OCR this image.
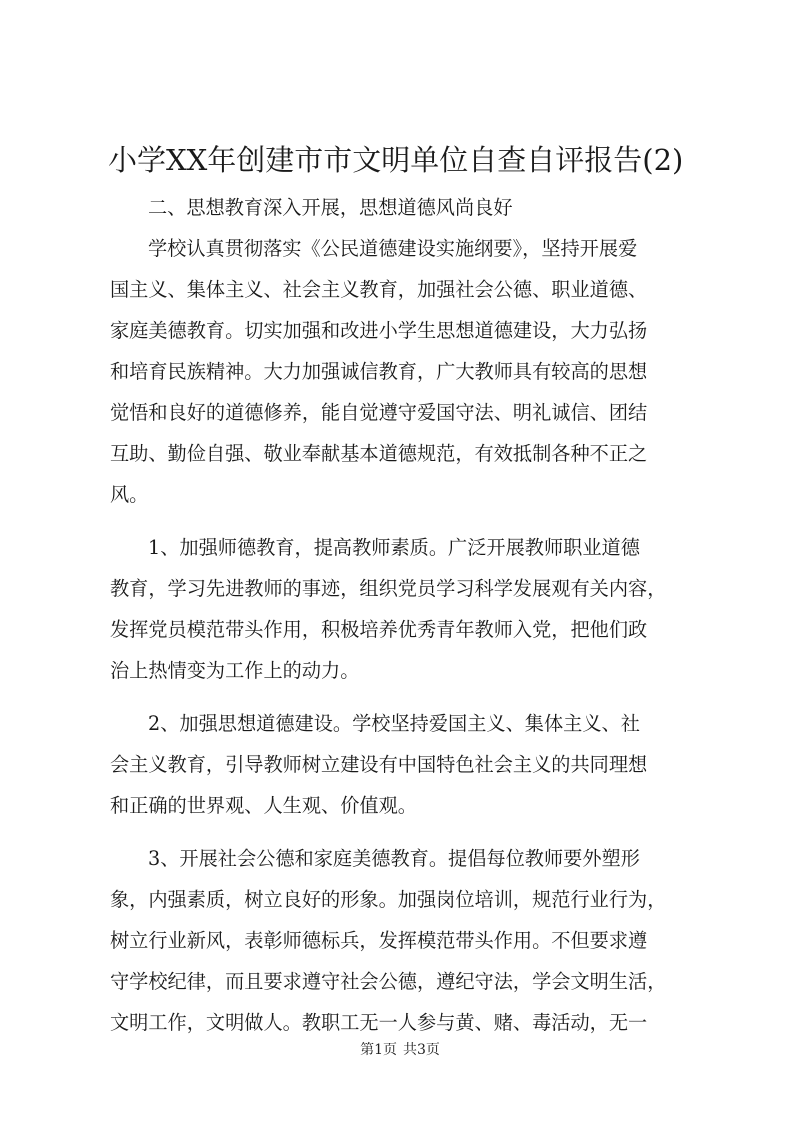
小学XX年创建市市文明单位自查自评报告(2)
二、思想教育深入开展，思想道德风尚良好
学校认真贯彻落实《公民道德建设实施纲要》，坚持开展爱
国主义、集体主义、社会主义教育，加强社会公德、职业道德、
家庭美德教育。切实加强和改进小学生思想道德建设，大力弘扬
和培育民族精神。大力加强诚信教育，广大教师具有较高的思想
觉悟和良好的道德修养，能自觉遵守爱国守法、明礼诚信、团结
互助、勤俭自强、敬业奉献基本道德规范，有效抵制各种不正之
风。
1、加强师德教育，提高教师素质。广泛开展教师职业道德
教育，学习先进教师的事迹，组织党员学习科学发展观有关内容，
发挥党员模范带头作用，积极培养优秀青年教师入党，把他们政
治上热情变为工作上的动力。
2、加强思想道德建设。学校坚持爱国主义、集体主义、社
会主义教育，引导教师树立建设有中国特色社会主义的共同理想
和正确的世界观、人生观、价值观。
3、开展社会公德和家庭美德教育。提倡每位教师要外塑形
象，内强素质，树立良好的形象。加强岗位培训，规范行业行为，
树立行业新风，表彰师德标兵，发挥模范带头作用。不但要求遵
守学校纪律，而且要求遵守社会公德，遵纪守法，学会文明生活，
文明工作，文明做人。教职工无一人参与黄、赌、毒活动，无一
第1页 共3页
